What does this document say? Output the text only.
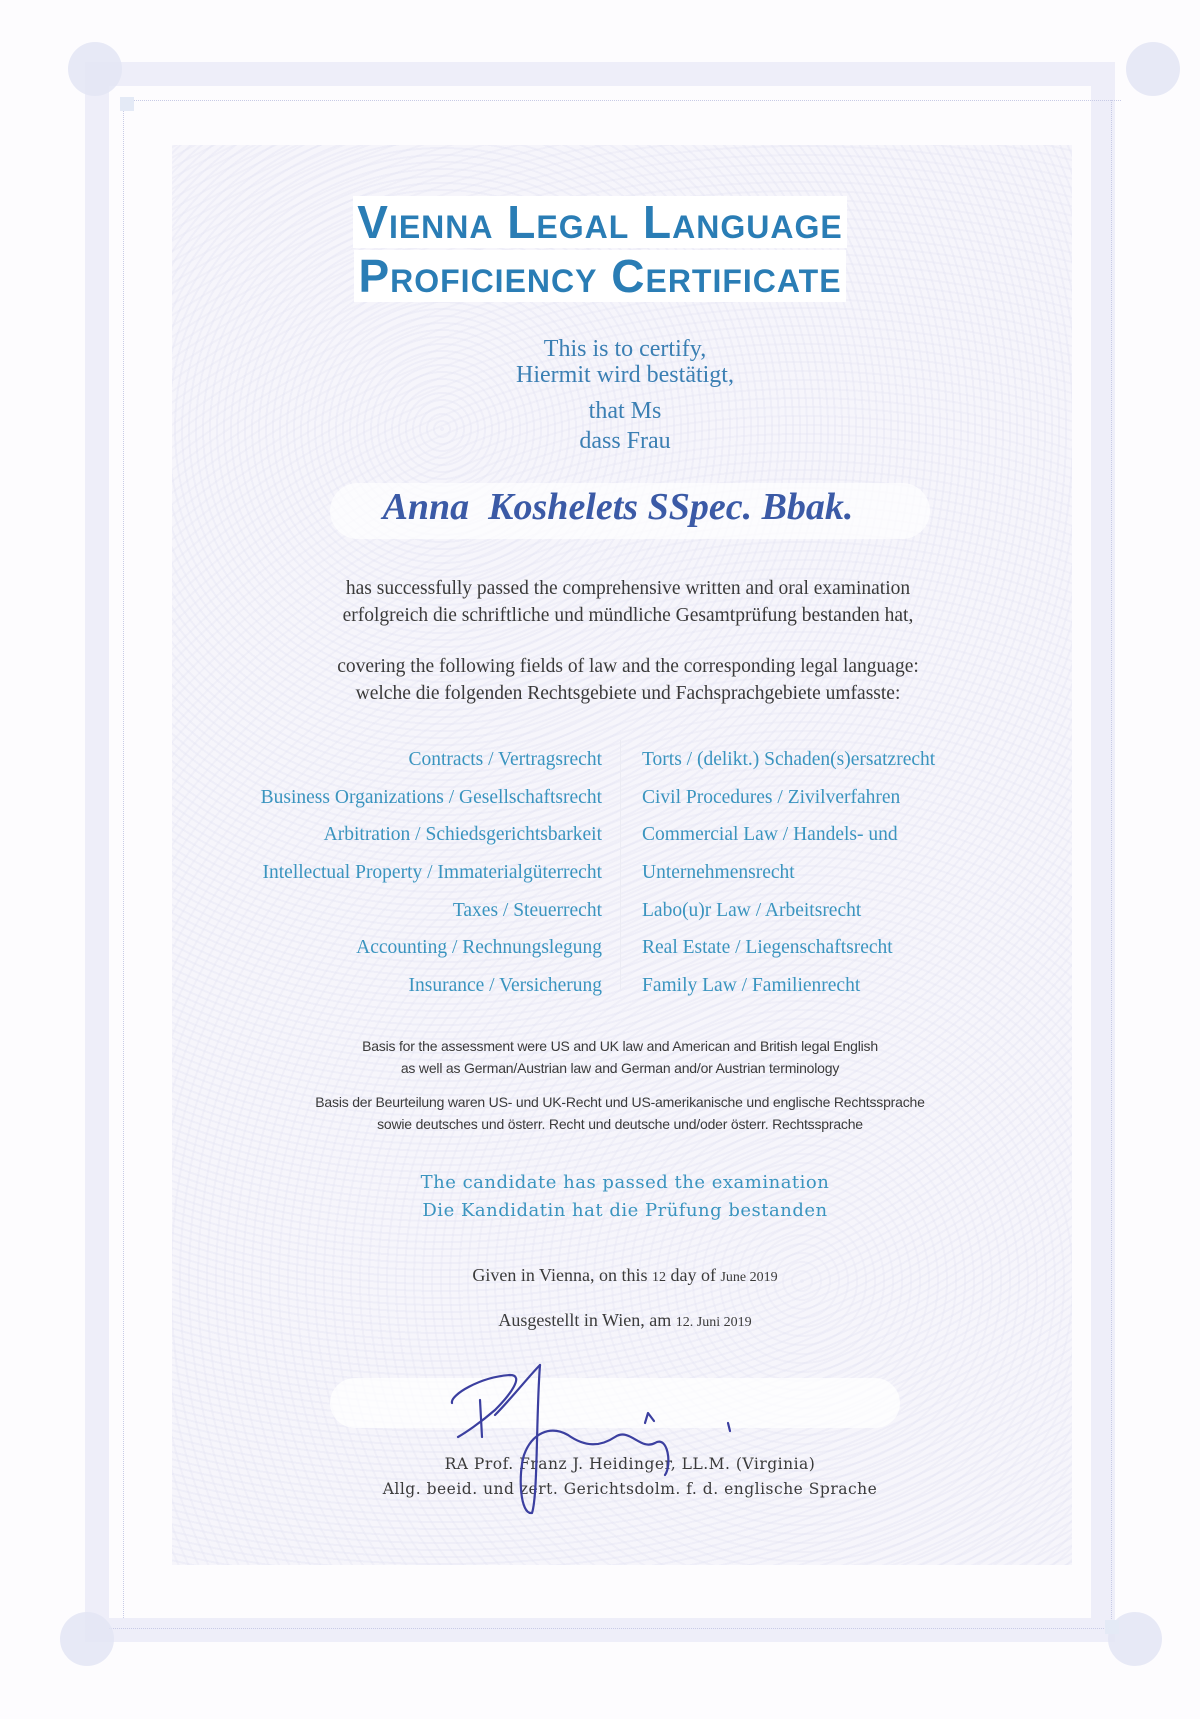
Vienna Legal Language
Proficiency Certificate
This is to certify,
Hiermit wird bestätigt,
that Ms
dass Frau
Anna  Koshelets SSpec. Bbak.
has successfully passed the comprehensive written and oral examination
erfolgreich die schriftliche und mündliche Gesamtprüfung bestanden hat,
covering the following fields of law and the corresponding legal language:
welche die folgenden Rechtsgebiete und Fachsprachgebiete umfasste:
Contracts / Vertragsrecht
Business Organizations / Gesellschaftsrecht
Arbitration / Schiedsgerichtsbarkeit
Intellectual Property / Immaterialgüterrecht
Taxes / Steuerrecht
Accounting / Rechnungslegung
Insurance / Versicherung
Torts / (delikt.) Schaden(s)ersatzrecht
Civil Procedures / Zivilverfahren
Commercial Law / Handels- und
Unternehmensrecht
Labo(u)r Law / Arbeitsrecht
Real Estate / Liegenschaftsrecht
Family Law / Familienrecht
Basis for the assessment were US and UK law and American and British legal English
as well as German/Austrian law and German and/or Austrian terminology
Basis der Beurteilung waren US- und UK-Recht und US-amerikanische und englische Rechtssprache
sowie deutsches und österr. Recht und deutsche und/oder österr. Rechtssprache
The candidate has passed the examination
Die Kandidatin hat die Prüfung bestanden
Given in Vienna, on this 12 day of June 2019
Ausgestellt in Wien, am 12. Juni 2019
RA Prof. Franz J. Heidinger, LL.M. (Virginia)
Allg. beeid. und zert. Gerichtsdolm. f. d. englische Sprache
